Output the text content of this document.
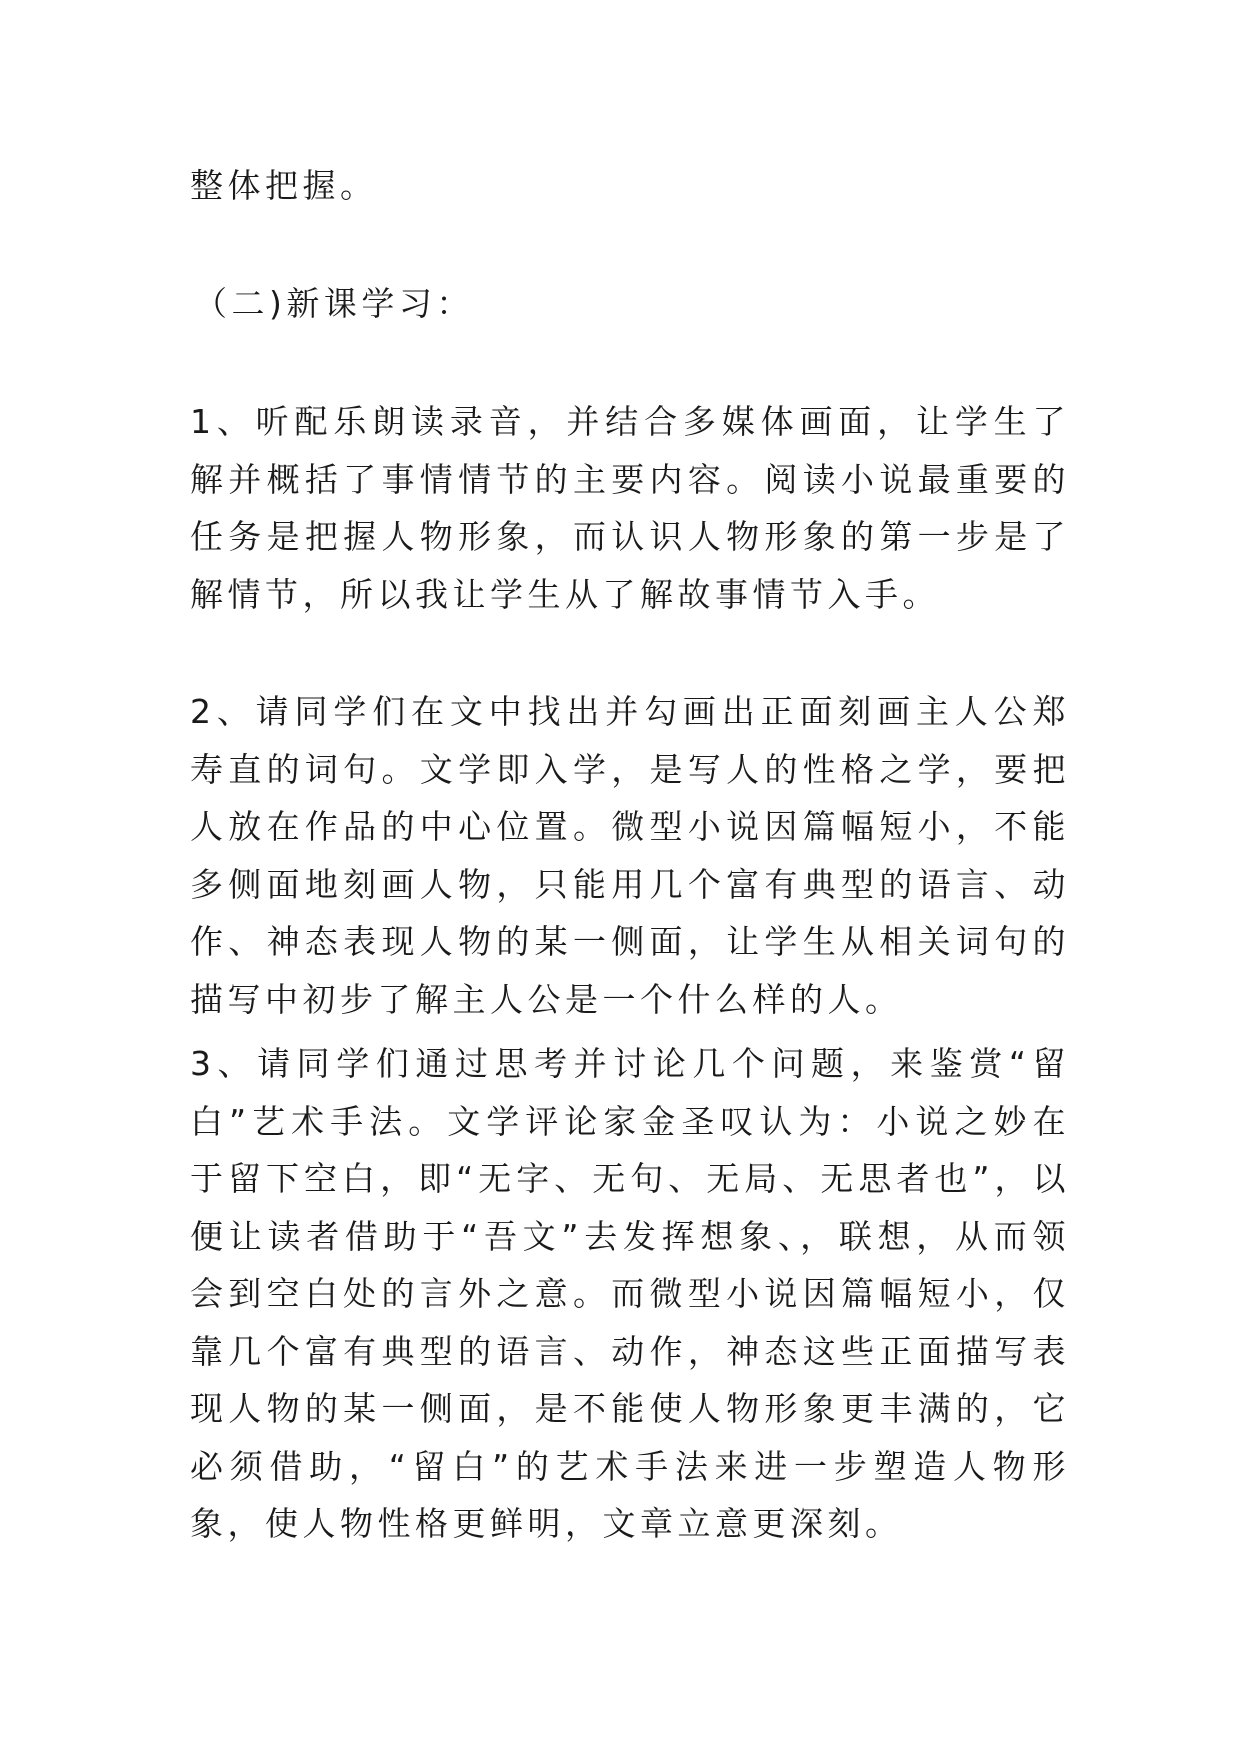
整体把握。

（二)新课学习：

1、听配乐朗读录音，并结合多媒体画面，让学生了解并概括了事情情节的主要内容。阅读小说最重要的任务是把握人物形象，而认识人物形象的第一步是了解情节，所以我让学生从了解故事情节入手。

2、请同学们在文中找出并勾画出正面刻画主人公郑寿直的词句。文学即入学，是写人的性格之学，要把人放在作品的中心位置。微型小说因篇幅短小，不能多侧面地刻画人物，只能用几个富有典型的语言、动作、神态表现人物的某一侧面，让学生从相关词句的描写中初步了解主人公是一个什么样的人。

3、请同学们通过思考并讨论几个问题，来鉴赏“留白”艺术手法。文学评论家金圣叹认为：小说之妙在于留下空白，即“无字、无句、无局、无思者也”，以便让读者借助于“吾文”去发挥想象、，联想，从而领会到空白处的言外之意。而微型小说因篇幅短小，仅靠几个富有典型的语言、动作，神态这些正面描写表现人物的某一侧面，是不能使人物形象更丰满的，它必须借助，“留白”的艺术手法来进一步塑造人物形象，使人物性格更鲜明，文章立意更深刻。
